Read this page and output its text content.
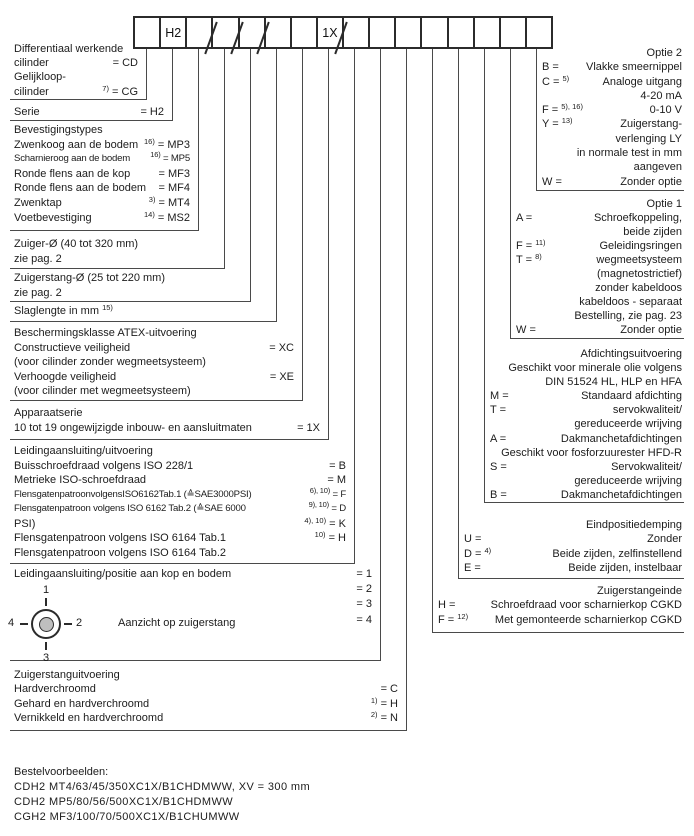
H2	1X
Differentiaal werkende
cilinder	= CD
Gelijkloop-
cilinder	$^{7)}$ = CG
Serie	= H2
Bevestigingstypes
Zwenkoog aan de bodem $^{16)}$ = MP3
Scharnieroog aan de bodem	$^{16)}$ = MP5
Ronde flens aan de kop	= MF3
Ronde flens aan de bodem = MF4
Zwenktap	$^{3)}$ = MT4
Voetbevestiging	$^{14)}$ = MS2
Zuiger-Ø (40 tot 320 mm)
zie pag. 2
Zuigerstang-Ø (25 tot 220 mm)
zie pag. 2
Slaglengte in mm $^{15)}$
Beschermingsklasse ATEX-uitvoering
Constructieve veiligheid	= XC
(voor cilinder zonder wegmeetsysteem)
Verhoogde veiligheid	= XE
(voor cilinder met wegmeetsysteem)
Apparaatserie
10 tot 19 ongewijzigde inbouw- en aansluitmaten	= 1X
Leidingaansluiting/uitvoering
Buisschroefdraad volgens ISO 228/1	= B
Metrieke ISO-schroefdraad	= M
FlensgatenpatroonvolgensISO6162Tab.1 (≙SAE3000PSI)	$^{6), 10)}$ = F
Flensgatenpatroon volgens ISO 6162 Tab.2 (≙SAE 6000	$^{9), 10)}$ = D
PSI)	$^{4), 10)}$ = K
Flensgatenpatroon volgens ISO 6164 Tab.1	$^{10)}$ = H
Flensgatenpatroon volgens ISO 6164 Tab.2
Leidingaansluiting/positie aan kop en bodem	= 1
= 2
= 3
= 4
Zuigerstanguitvoering
Hardverchroomd	= C
Gehard en hardverchroomd	$^{1)}$ = H
Vernikkeld en hardverchroomd	$^{2)}$ = N
Optie 2
B =	Vlakke smeernippel
C = $^{5)}$	Analoge uitgang
4-20 mA
F = $^{5), 16)}$	0-10 V
Y = $^{13)}$	Zuigerstang-
verlenging LY
in normale test in mm
aangeven
W =	Zonder optie
Optie 1
A =	Schroefkoppeling,
beide zijden
F = $^{11)}$	Geleidingsringen
T = $^{8)}$	wegmeetsysteem
(magnetostrictief)
zonder kabeldoos
kabeldoos - separaat
Bestelling, zie pag. 23
W =	Zonder optie
Afdichtingsuitvoering
Geschikt voor minerale olie volgens
DIN 51524 HL, HLP en HFA
M =	Standaard afdichting
T =	servokwaliteit/
gereduceerde wrijving
A =	Dakmanchetafdichtingen
Geschikt voor fosforzuurester HFD-R
S =	Servokwaliteit/
gereduceerde wrijving
B =	Dakmanchetafdichtingen
Eindpositiedemping
U =	Zonder
D = $^{4)}$	Beide zijden, zelfinstellend
E =	Beide zijden, instelbaar
Zuigerstangeinde
H =	Schroefdraad voor scharnierkop CGKD
F = $^{12)}$	Met gemonteerde scharnierkop CGKD
1
2
3
4	Aanzicht op zuigerstang
Bestelvoorbeelden:
CDH2 MT4/63/45/350XC1X/B1CHDMWW, XV = 300 mm
CDH2 MP5/80/56/500XC1X/B1CHDMWW
CGH2 MF3/100/70/500XC1X/B1CHUMWW
